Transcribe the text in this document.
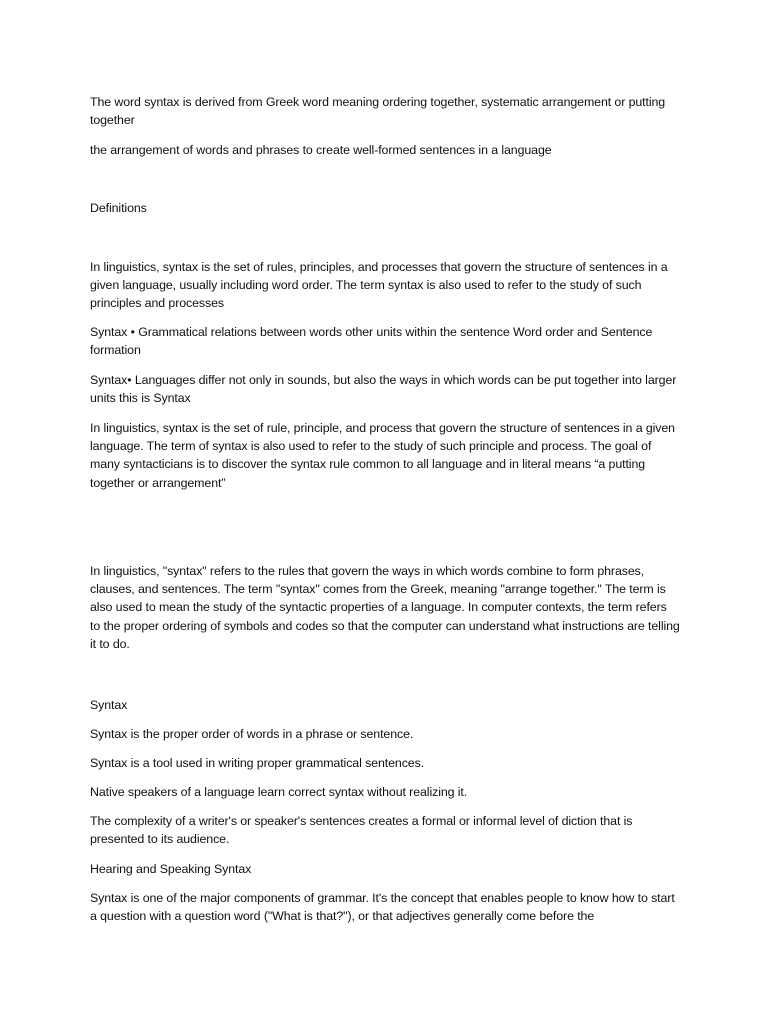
The word syntax is derived from Greek word meaning ordering together, systematic arrangement or putting together

the arrangement of words and phrases to create well-formed sentences in a language

Definitions

In linguistics, syntax is the set of rules, principles, and processes that govern the structure of sentences in a given language, usually including word order. The term syntax is also used to refer to the study of such principles and processes

Syntax • Grammatical relations between words other units within the sentence Word order and Sentence formation

Syntax• Languages differ not only in sounds, but also the ways in which words can be put together into larger units this is Syntax

In linguistics, syntax is the set of rule, principle, and process that govern the structure of sentences in a given language. The term of syntax is also used to refer to the study of such principle and process. The goal of many syntacticians is to discover the syntax rule common to all language and in literal means “a putting together or arrangement”

In linguistics, "syntax" refers to the rules that govern the ways in which words combine to form phrases, clauses, and sentences. The term "syntax" comes from the Greek, meaning "arrange together." The term is also used to mean the study of the syntactic properties of a language. In computer contexts, the term refers to the proper ordering of symbols and codes so that the computer can understand what instructions are telling it to do.

Syntax

Syntax is the proper order of words in a phrase or sentence.

Syntax is a tool used in writing proper grammatical sentences.

Native speakers of a language learn correct syntax without realizing it.

The complexity of a writer's or speaker's sentences creates a formal or informal level of diction that is presented to its audience.

Hearing and Speaking Syntax

Syntax is one of the major components of grammar. It's the concept that enables people to know how to start a question with a question word ("What is that?"), or that adjectives generally come before the
